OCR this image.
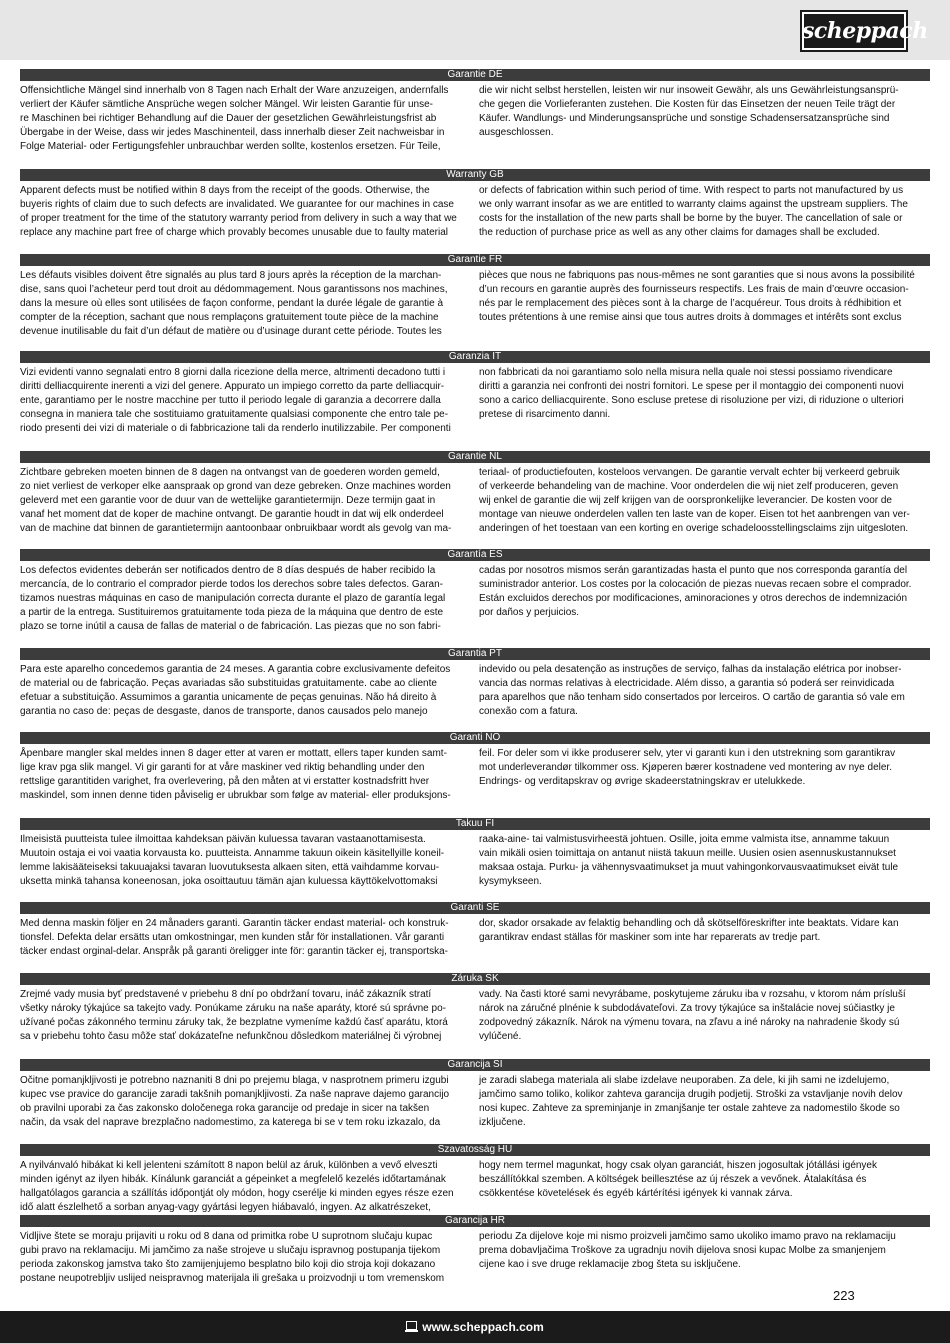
scheppach
Garantie DE
Offensichtliche Mängel sind innerhalb von 8 Tagen nach Erhalt der Ware anzuzeigen, andernfalls
verliert der Käufer sämtliche Ansprüche wegen solcher Mängel. Wir leisten Garantie für unse-
re Maschinen bei richtiger Behandlung auf die Dauer der gesetzlichen Gewährleistungsfrist ab
Übergabe in der Weise, dass wir jedes Maschinenteil, dass innerhalb dieser Zeit nachweisbar in
Folge Material- oder Fertigungsfehler unbrauchbar werden sollte, kostenlos ersetzen. Für Teile,
die wir nicht selbst herstellen, leisten wir nur insoweit Gewähr, als uns Gewährleistungsansprü-
che gegen die Vorlieferanten zustehen. Die Kosten für das Einsetzen der neuen Teile trägt der
Käufer. Wandlungs- und Minderungsansprüche und sonstige Schadensersatzansprüche sind
ausgeschlossen.
Warranty GB
Apparent defects must be notified within 8 days from the receipt of the goods. Otherwise, the
buyeris rights of claim due to such defects are invalidated. We guarantee for our machines in case
of proper treatment for the time of the statutory warranty period from delivery in such a way that we
replace any machine part free of charge which provably becomes unusable due to faulty material
or defects of fabrication within such period of time. With respect to parts not manufactured by us
we only warrant insofar as we are entitled to warranty claims against the upstream suppliers. The
costs for the installation of the new parts shall be borne by the buyer. The cancellation of sale or
the reduction of purchase price as well as any other claims for damages shall be excluded.
Garantie FR
Les défauts visibles doivent être signalés au plus tard 8 jours après la réception de la marchan-
dise, sans quoi l’acheteur perd tout droit au dédommagement. Nous garantissons nos machines,
dans la mesure où elles sont utilisées de façon conforme, pendant la durée légale de garantie à
compter de la réception, sachant que nous remplaçons gratuitement toute pièce de la machine
devenue inutilisable du fait d’un défaut de matière ou d’usinage durant cette période. Toutes les
pièces que nous ne fabriquons pas nous-mêmes ne sont garanties que si nous avons la possibilité
d’un recours en garantie auprès des fournisseurs respectifs. Les frais de main d’œuvre occasion-
nés par le remplacement des pièces sont à la charge de l’acquéreur. Tous droits à rédhibition et
toutes prétentions à une remise ainsi que tous autres droits à dommages et intérêts sont exclus
Garanzia IT
Vizi evidenti vanno segnalati entro 8 giorni dalla ricezione della merce, altrimenti decadono tutti i
diritti delliacquirente inerenti a vizi del genere. Appurato un impiego corretto da parte delliacquir-
ente, garantiamo per le nostre macchine per tutto il periodo legale di garanzia a decorrere dalla
consegna in maniera tale che sostituiamo gratuitamente qualsiasi componente che entro tale pe-
riodo presenti dei vizi di materiale o di fabbricazione tali da renderlo inutilizzabile. Per componenti
non fabbricati da noi garantiamo solo nella misura nella quale noi stessi possiamo rivendicare
diritti a garanzia nei confronti dei nostri fornitori. Le spese per il montaggio dei componenti nuovi
sono a carico delliacquirente. Sono escluse pretese di risoluzione per vizi, di riduzione o ulteriori
pretese di risarcimento danni.
Garantie NL
Zichtbare gebreken moeten binnen de 8 dagen na ontvangst van de goederen worden gemeld,
zo niet verliest de verkoper elke aanspraak op grond van deze gebreken. Onze machines worden
geleverd met een garantie voor de duur van de wettelijke garantietermijn. Deze termijn gaat in
vanaf het moment dat de koper de machine ontvangt. De garantie houdt in dat wij elk onderdeel
van de machine dat binnen de garantietermijn aantoonbaar onbruikbaar wordt als gevolg van ma-
teriaal- of productiefouten, kosteloos vervangen. De garantie vervalt echter bij verkeerd gebruik
of verkeerde behandeling van de machine. Voor onderdelen die wij niet zelf produceren, geven
wij enkel de garantie die wij zelf krijgen van de oorspronkelijke leverancier. De kosten voor de
montage van nieuwe onderdelen vallen ten laste van de koper. Eisen tot het aanbrengen van ver-
anderingen of het toestaan van een korting en overige schadeloosstellingsclaims zijn uitgesloten.
Garantía ES
Los defectos evidentes deberán ser notificados dentro de 8 días después de haber recibido la
mercancía, de lo contrario el comprador pierde todos los derechos sobre tales defectos. Garan-
tizamos nuestras máquinas en caso de manipulación correcta durante el plazo de garantía legal
a partir de la entrega. Sustituiremos gratuitamente toda pieza de la máquina que dentro de este
plazo se torne inútil a causa de fallas de material o de fabricación. Las piezas que no son fabri-
cadas por nosotros mismos serán garantizadas hasta el punto que nos corresponda garantía del
suministrador anterior. Los costes por la colocación de piezas nuevas recaen sobre el comprador.
Están excluidos derechos por modificaciones, aminoraciones y otros derechos de indemnización
por daños y perjuicios.
Garantia PT
Para este aparelho concedemos garantia de 24 meses. A garantia cobre exclusivamente defeitos
de material ou de fabricação. Peças avariadas são substituidas gratuitamente. cabe ao cliente
efetuar a substituição. Assumimos a garantia unicamente de peças genuinas. Não há direito à
garantia no caso de: peças de desgaste, danos de transporte, danos causados pelo manejo
indevido ou pela desatenção as instruções de serviço, falhas da instalação elétrica por inobser-
vancia das normas relativas à electricidade. Além disso, a garantia só poderá ser reinvidicada
para aparelhos que não tenham sido consertados por lerceiros. O cartão de garantia só vale em
conexão com a fatura.
Garanti NO
Åpenbare mangler skal meldes innen 8 dager etter at varen er mottatt, ellers taper kunden samt-
lige krav pga slik mangel. Vi gir garanti for at våre maskiner ved riktig behandling under den
rettslige garantitiden varighet, fra overlevering, på den måten at vi erstatter kostnadsfritt hver
maskindel, som innen denne tiden påviselig er ubrukbar som følge av material- eller produksjons-
feil. For deler som vi ikke produserer selv, yter vi garanti kun i den utstrekning som garantikrav
mot underleverandør tilkommer oss. Kjøperen bærer kostnadene ved montering av nye deler.
Endrings- og verditapskrav og øvrige skadeerstatningskrav er utelukkede.
Takuu FI
Ilmeisistä puutteista tulee ilmoittaa kahdeksan päivän kuluessa tavaran vastaanottamisesta.
Muutoin ostaja ei voi vaatia korvausta ko. puutteista. Annamme takuun oikein käsitellyille koneil-
lemme lakisääteiseksi takuuajaksi tavaran luovutuksesta alkaen siten, että vaihdamme korvau-
uksetta minkä tahansa koneenosan, joka osoittautuu tämän ajan kuluessa käyttökelvottomaksi
raaka-aine- tai valmistusvirheestä johtuen. Osille, joita emme valmista itse, annamme takuun
vain mikäli osien toimittaja on antanut niistä takuun meille. Uusien osien asennuskustannukset
maksaa ostaja. Purku- ja vähennysvaatimukset ja muut vahingonkorvausvaatimukset eivät tule
kysymykseen.
Garanti SE
Med denna maskin följer en 24 månaders garanti. Garantin täcker endast material- och konstruk-
tionsfel. Defekta delar ersätts utan omkostningar, men kunden står för installationen. Vår garanti
täcker endast orginal-delar. Anspråk på garanti öreligger inte för: garantin täcker ej, transportska-
dor, skador orsakade av felaktig behandling och då skötselföreskrifter inte beaktats. Vidare kan
garantikrav endast ställas för maskiner som inte har reparerats av tredje part.
Záruka SK
Zrejmé vady musia byť predstavené v priebehu 8 dní po obdržaní tovaru, ináč zákazník stratí
všetky nároky týkajúce sa takejto vady. Ponúkame záruku na naše aparáty, ktoré sú správne po-
užívané počas zákonného terminu záruky tak, že bezplatne vymeníme každú časť aparátu, ktorá
sa v priebehu tohto času môže stať dokázateľne nefunkčnou dôsledkom materiálnej či výrobnej
vady. Na časti ktoré sami nevyrábame, poskytujeme záruku iba v rozsahu, v ktorom nám prísluší
nárok na záručné plnénie k subdodávateľovi. Za trovy týkajúce sa inštalácie novej súčiastky je
zodpovedný zákazník. Nárok na výmenu tovara, na zľavu a iné nároky na nahradenie škody sú
vylúčené.
Garancija SI
Očitne pomanjkljivosti je potrebno naznaniti 8 dni po prejemu blaga, v nasprotnem primeru izgubi
kupec vse pravice do garancije zaradi takšnih pomanjkljivosti. Za naše naprave dajemo garancijo
ob pravilni uporabi za čas zakonsko določenega roka garancije od predaje in sicer na takšen
način, da vsak del naprave brezplačno nadomestimo, za katerega bi se v tem roku izkazalo, da
je zaradi slabega materiala ali slabe izdelave neuporaben. Za dele, ki jih sami ne izdelujemo,
jamčimo samo toliko, kolikor zahteva garancija drugih podjetij. Stroški za vstavljanje novih delov
nosi kupec. Zahteve za spreminjanje in zmanjšanje ter ostale zahteve za nadomestilo škode so
izključene.
Szavatosság HU
A nyilvánvaló hibákat ki kell jelenteni számított 8 napon belül az áruk, különben a vevő elveszti
minden igényt az ilyen hibák. Kínálunk garanciát a gépeinket a megfelelő kezelés időtartamának
hallgatólagos garancia a szállítás időpontját oly módon, hogy cserélje ki minden egyes része ezen
idő alatt észlelhető a sorban anyag-vagy gyártási legyen hiábavaló, ingyen. Az alkatrészeket,
hogy nem termel magunkat, hogy csak olyan garanciát, hiszen jogosultak jótállási igények
beszállítókkal szemben. A költségek beillesztése az új részek a vevőnek. Átalakítása és
csökkentése követelések és egyéb kártérítési igények ki vannak zárva.
Garancija HR
Vidljive štete se moraju prijaviti u roku od 8 dana od primitka robe U suprotnom slučaju kupac
gubi pravo na reklamaciju. Mi jamčimo za naše strojeve u slučaju ispravnog postupanja tijekom
perioda zakonskog jamstva tako što zamijenjujemo besplatno bilo koji dio stroja koji dokazano
postane neupotrebljiv uslijed neispravnog materijala ili grešaka u proizvodnji u tom vremenskom
periodu Za dijelove koje mi nismo proizveli jamčimo samo ukoliko imamo pravo na reklamaciju
prema dobavljačima Troškove za ugradnju novih dijelova snosi kupac Molbe za smanjenjem
cijene kao i sve druge reklamacije zbog šteta su isključene.
223
www.scheppach.com
